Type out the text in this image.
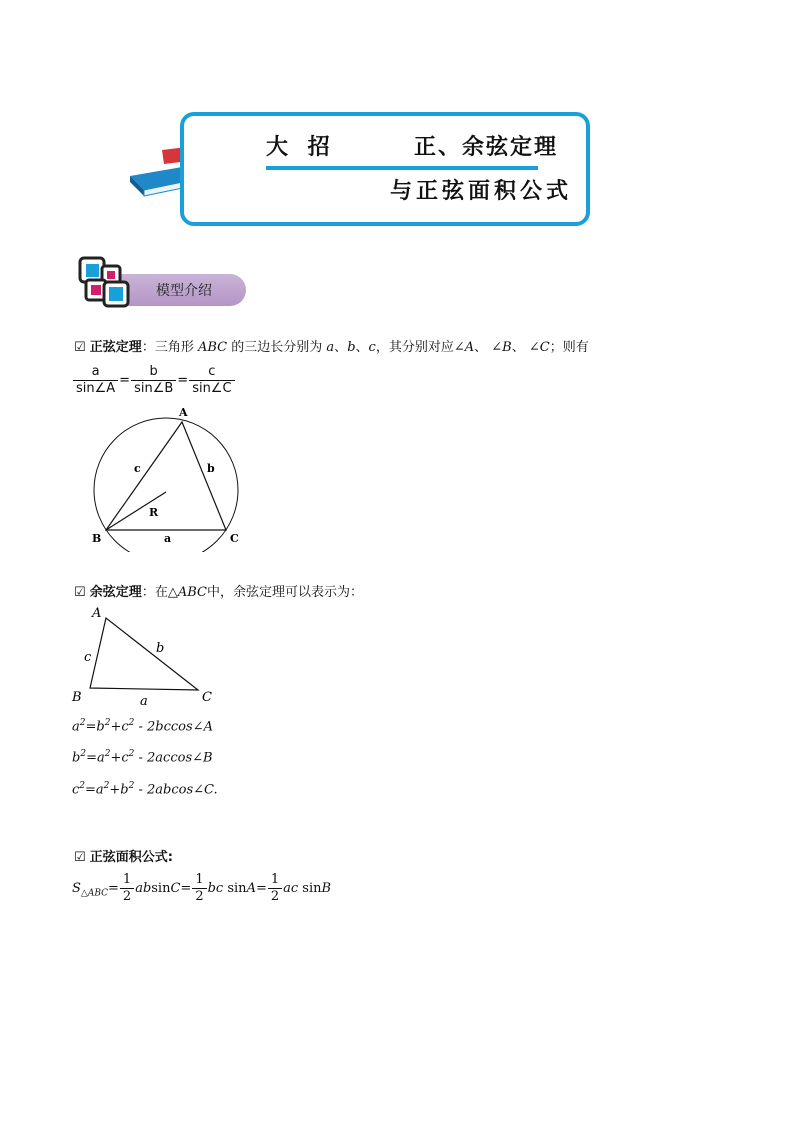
大 招	正、余弦定理
与正弦面积公式
模型介绍
☑ 正弦定理：三角形 ABC 的三边长分别为 a、b、c，其分别对应∠A、 ∠B、 ∠C；则有
$\frac{a}{\sin\angle A} = \frac{b}{\sin\angle B} = \frac{c}{\sin\angle C}$
A
B	C
a
b
c
R
☑ 余弦定理：在△ABC中，余弦定理可以表示为：
A
B	C
a
b
c
$a^2=b^2+c^2$ - 2bccos∠A
$b^2=a^2+c^2$ - 2accos∠B
$c^2=a^2+b^2$ - 2abcos∠C.
☑ 正弦面积公式:
$S_{\triangle ABC}= \frac{1}{2} absinC= \frac{1}{2}$ bc $\sin A= \frac{1}{2}$ ac sinB
